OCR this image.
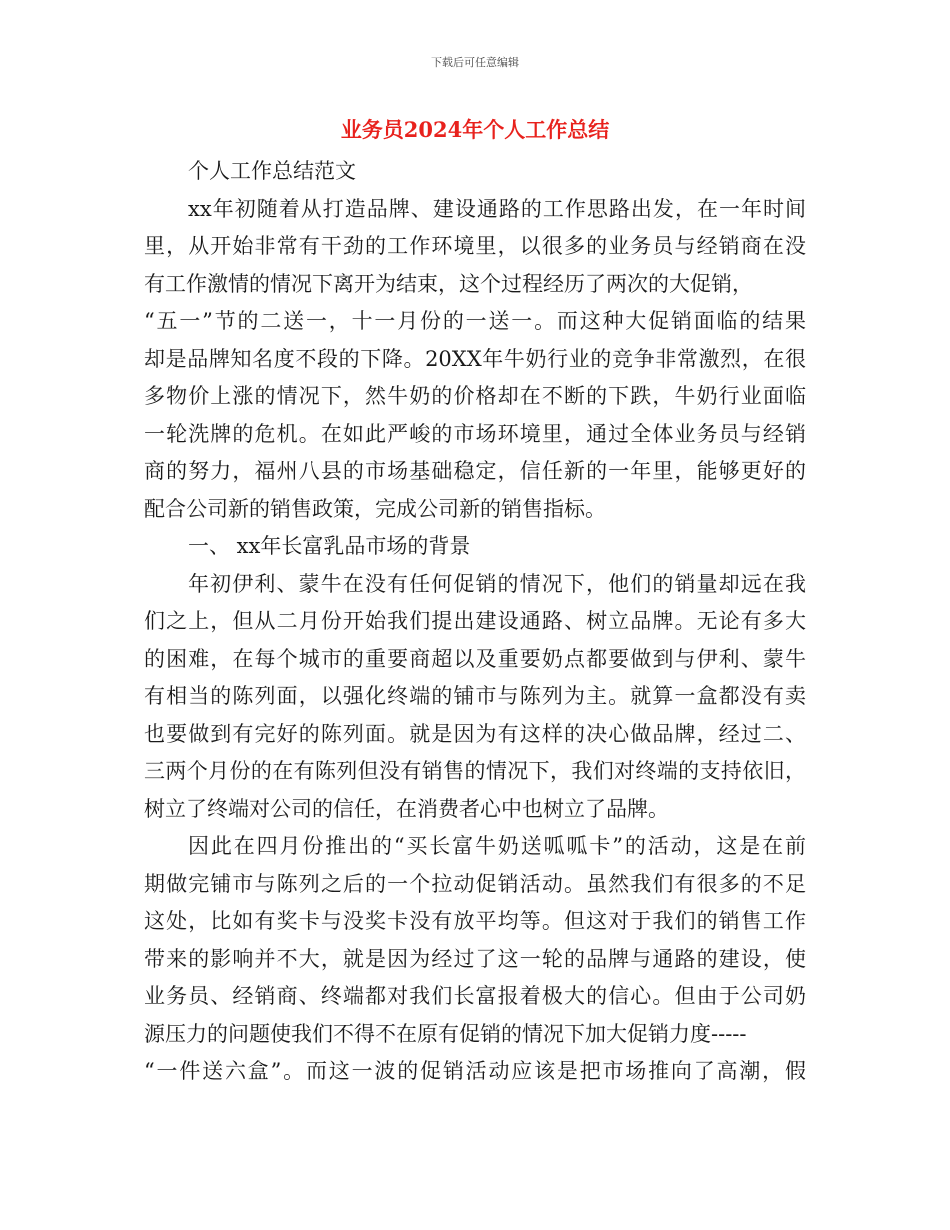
下载后可任意编辑
业务员2024年个人工作总结
个人工作总结范文
xx年初随着从打造品牌、建设通路的工作思路出发，在一年时间
里，从开始非常有干劲的工作环境里，以很多的业务员与经销商在没
有工作激情的情况下离开为结束，这个过程经历了两次的大促销，
“五一”节的二送一，十一月份的一送一。而这种大促销面临的结果
却是品牌知名度不段的下降。20XX年牛奶行业的竞争非常激烈，在很
多物价上涨的情况下，然牛奶的价格却在不断的下跌，牛奶行业面临
一轮洗牌的危机。在如此严峻的市场环境里，通过全体业务员与经销
商的努力，福州八县的市场基础稳定，信任新的一年里，能够更好的
配合公司新的销售政策，完成公司新的销售指标。
一、 xx年长富乳品市场的背景
年初伊利、蒙牛在没有任何促销的情况下，他们的销量却远在我
们之上，但从二月份开始我们提出建设通路、树立品牌。无论有多大
的困难，在每个城市的重要商超以及重要奶点都要做到与伊利、蒙牛
有相当的陈列面，以强化终端的铺市与陈列为主。就算一盒都没有卖
也要做到有完好的陈列面。就是因为有这样的决心做品牌，经过二、
三两个月份的在有陈列但没有销售的情况下，我们对终端的支持依旧，
树立了终端对公司的信任，在消费者心中也树立了品牌。
因此在四月份推出的“买长富牛奶送呱呱卡”的活动，这是在前
期做完铺市与陈列之后的一个拉动促销活动。虽然我们有很多的不足
这处，比如有奖卡与没奖卡没有放平均等。但这对于我们的销售工作
带来的影响并不大，就是因为经过了这一轮的品牌与通路的建设，使
业务员、经销商、终端都对我们长富报着极大的信心。但由于公司奶
源压力的问题使我们不得不在原有促销的情况下加大促销力度-----
“一件送六盒”。而这一波的促销活动应该是把市场推向了高潮，假
